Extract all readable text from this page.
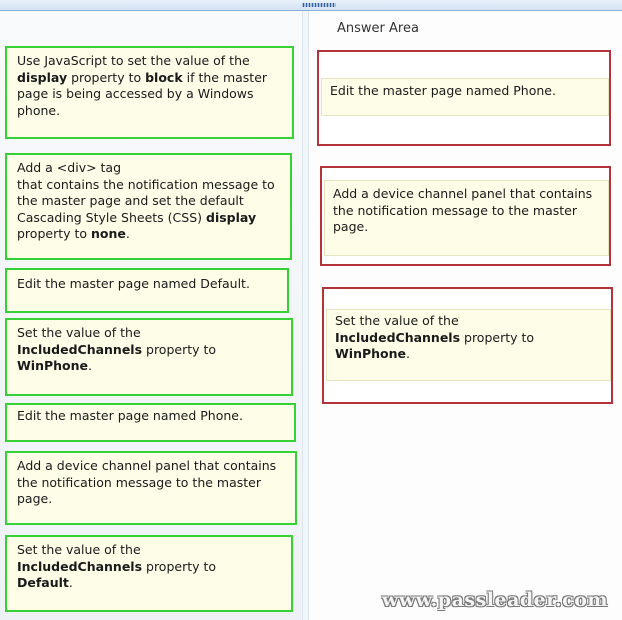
Answer Area
Use JavaScript to set the value of the display property to block if the master page is being accessed by a Windows phone.
Add a <div> tag
that contains the notification message to the master page and set the default Cascading Style Sheets (CSS) display property to none.
Edit the master page named Default.
Set the value of the
IncludedChannels property to
WinPhone.
Edit the master page named Phone.
Add a device channel panel that contains the notification message to the master page.
Set the value of the
IncludedChannels property to
Default.
Edit the master page named Phone.
Add a device channel panel that contains the notification message to the master page.
Set the value of the
IncludedChannels property to
WinPhone.
www.passleader.com
